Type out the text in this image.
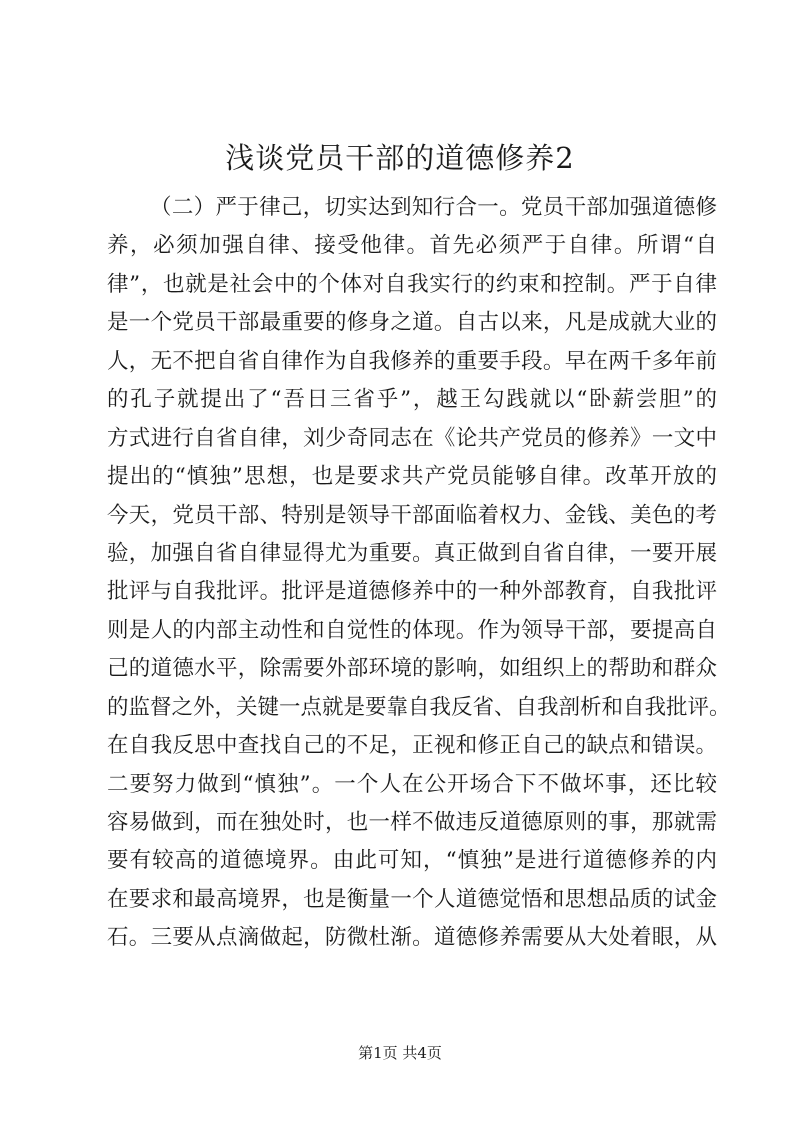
浅谈党员干部的道德修养2
（二）严于律己，切实达到知行合一。党员干部加强道德修
养，必须加强自律、接受他律。首先必须严于自律。所谓“自
律”，也就是社会中的个体对自我实行的约束和控制。严于自律
是一个党员干部最重要的修身之道。自古以来，凡是成就大业的
人，无不把自省自律作为自我修养的重要手段。早在两千多年前
的孔子就提出了“吾日三省乎”，越王勾践就以“卧薪尝胆”的
方式进行自省自律，刘少奇同志在《论共产党员的修养》一文中
提出的“慎独”思想，也是要求共产党员能够自律。改革开放的
今天，党员干部、特别是领导干部面临着权力、金钱、美色的考
验，加强自省自律显得尤为重要。真正做到自省自律，一要开展
批评与自我批评。批评是道德修养中的一种外部教育，自我批评
则是人的内部主动性和自觉性的体现。作为领导干部，要提高自
己的道德水平，除需要外部环境的影响，如组织上的帮助和群众
的监督之外，关键一点就是要靠自我反省、自我剖析和自我批评。
在自我反思中查找自己的不足，正视和修正自己的缺点和错误。
二要努力做到“慎独”。一个人在公开场合下不做坏事，还比较
容易做到，而在独处时，也一样不做违反道德原则的事，那就需
要有较高的道德境界。由此可知，“慎独”是进行道德修养的内
在要求和最高境界，也是衡量一个人道德觉悟和思想品质的试金
石。三要从点滴做起，防微杜渐。道德修养需要从大处着眼，从
第1页 共4页
